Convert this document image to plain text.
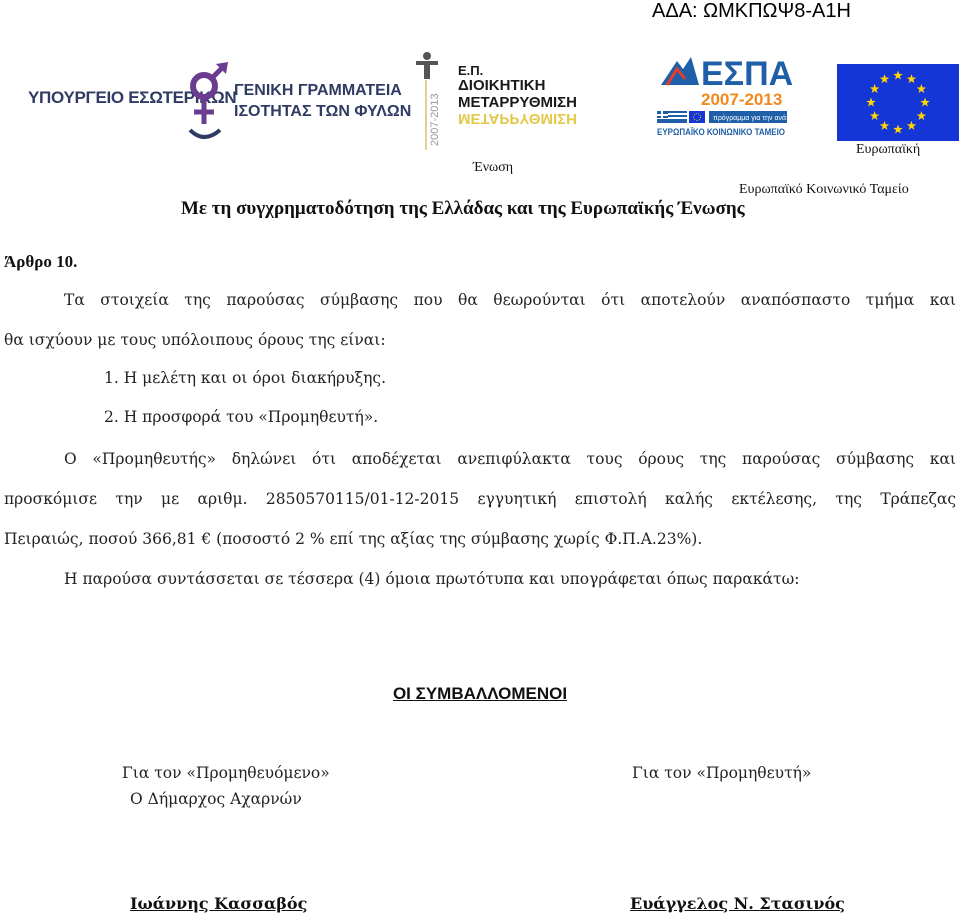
ΑΔΑ: ΩΜΚΠΩΨ8-Α1Η
ΥΠΟΥΡΓΕΙΟ ΕΣΩΤΕΡΙΚΩΝ
ΓΕΝΙΚΗ ΓΡΑΜΜΑΤΕΙΑ
ΙΣΟΤΗΤΑΣ ΤΩΝ ΦΥΛΩΝ 2007-2013
Ε.Π.
ΔΙΟΙΚΗΤΙΚΗ
ΜΕΤΑΡΡΥΘΜΙΣΗ
ΜΕΤΑΡΡΥΘΜΙΣΗ
ΕΣΠΑ
2007-2013
πρόγραμμα για την ανάπτυξη
ΕΥΡΩΠΑΪΚΟ ΚΟΙΝΩΝΙΚΟ ΤΑΜΕΙΟ
Ευρωπαϊκή
Ένωση
Ευρωπαϊκό Κοινωνικό Ταμείο
Με τη συγχρηματοδότηση της Ελλάδας και της Ευρωπαϊκής Ένωσης
Άρθρο 10.
Τα στοιχεία της παρούσας σύμβασης που θα θεωρούνται ότι αποτελούν αναπόσπαστο τμήμα και
θα ισχύουν με τους υπόλοιπους όρους της είναι:
1. Η μελέτη και οι όροι διακήρυξης.
2. Η προσφορά του «Προμηθευτή».
Ο «Προμηθευτής» δηλώνει ότι αποδέχεται ανεπιφύλακτα τους όρους της παρούσας σύμβασης και
προσκόμισε την με αριθμ. 2850570115/01-12-2015 εγγυητική επιστολή καλής εκτέλεσης, της Τράπεζας
Πειραιώς, ποσού 366,81 € (ποσοστό 2 % επί της αξίας της σύμβασης χωρίς Φ.Π.Α.23%).
Η παρούσα συντάσσεται σε τέσσερα (4) όμοια πρωτότυπα και υπογράφεται όπως παρακάτω:
ΟΙ ΣΥΜΒΑΛΛΟΜΕΝΟΙ
Για τον «Προμηθευόμενο»
Ο Δήμαρχος Αχαρνών
Για τον «Προμηθευτή»
Ιωάννης Κασσαβός	Ευάγγελος Ν. Στασινός
